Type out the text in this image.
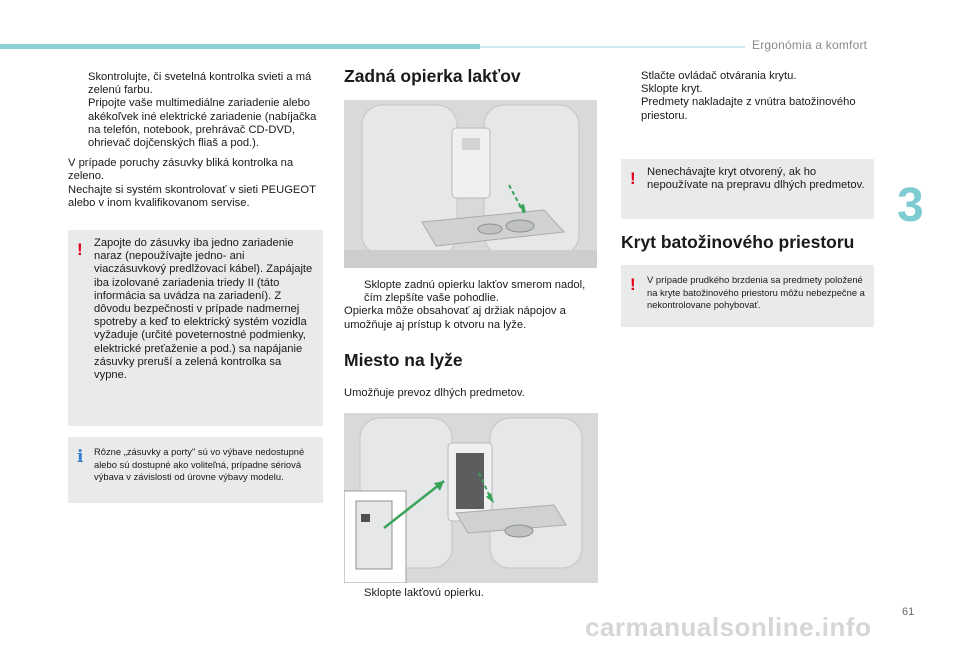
Ergonómia a komfort
3
Skontrolujte, či svetelná kontrolka svieti a má zelenú farbu.
Pripojte vaše multimediálne zariadenie alebo akékoľvek iné elektrické zariadenie (nabíjačka na telefón, notebook, prehrávač CD-DVD, ohrievač dojčenských fliaš a pod.).

V prípade poruchy zásuvky bliká kontrolka na zeleno.

Nechajte si systém skontrolovať v sieti PEUGEOT alebo v inom kvalifikovanom servise.

! Zapojte do zásuvky iba jedno zariadenie naraz (nepoužívajte jedno- ani viaczásuvkový predlžovací kábel). Zapájajte iba izolované zariadenia triedy II (táto informácia sa uvádza na zariadení). Z dôvodu bezpečnosti v prípade nadmernej spotreby a keď to elektrický systém vozidla vyžaduje (určité poveternostné podmienky, elektrické preťaženie a pod.) sa napájanie zásuvky preruší a zelená kontrolka sa vypne.
i Rôzne „zásuvky a porty" sú vo výbave nedostupné alebo sú dostupné ako voliteľná, prípadne sériová výbava v závislosti od úrovne výbavy modelu.
Zadná opierka lakťov
Sklopte zadnú opierku lakťov smerom nadol, čím zlepšíte vaše pohodlie.

Opierka môže obsahovať aj držiak nápojov a umožňuje aj prístup k otvoru na lyže.

Miesto na lyže

Umožňuje prevoz dlhých predmetov.

Sklopte lakťovú opierku.
Stlačte ovládač otvárania krytu.
Sklopte kryt.
Predmety nakladajte z vnútra batožinového priestoru.
! Nenechávajte kryt otvorený, ak ho nepoužívate na prepravu dlhých predmetov.
Kryt batožinového priestoru
! V prípade prudkého brzdenia sa predmety položené na kryte batožinového priestoru môžu nebezpečne a nekontrolovane pohybovať.
carmanualsonline.info	61
